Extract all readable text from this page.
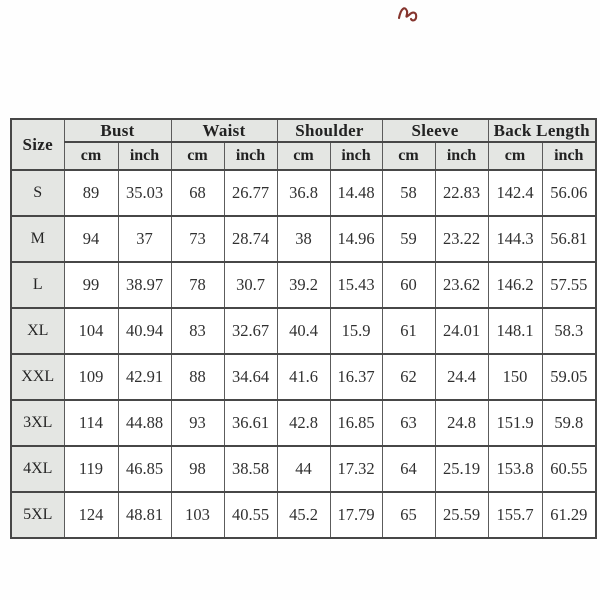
Size	Bust		Waist		Shoulder		Sleeve		Back Length	
	cm	inch	cm	inch	cm	inch	cm	inch	cm	inch
S	89	35.03	68	26.77	36.8	14.48	58	22.83	142.4	56.06
M	94	37	73	28.74	38	14.96	59	23.22	144.3	56.81
L	99	38.97	78	30.7	39.2	15.43	60	23.62	146.2	57.55
XL	104	40.94	83	32.67	40.4	15.9	61	24.01	148.1	58.3
XXL	109	42.91	88	34.64	41.6	16.37	62	24.4	150	59.05
3XL	114	44.88	93	36.61	42.8	16.85	63	24.8	151.9	59.8
4XL	119	46.85	98	38.58	44	17.32	64	25.19	153.8	60.55
5XL	124	48.81	103	40.55	45.2	17.79	65	25.59	155.7	61.29
